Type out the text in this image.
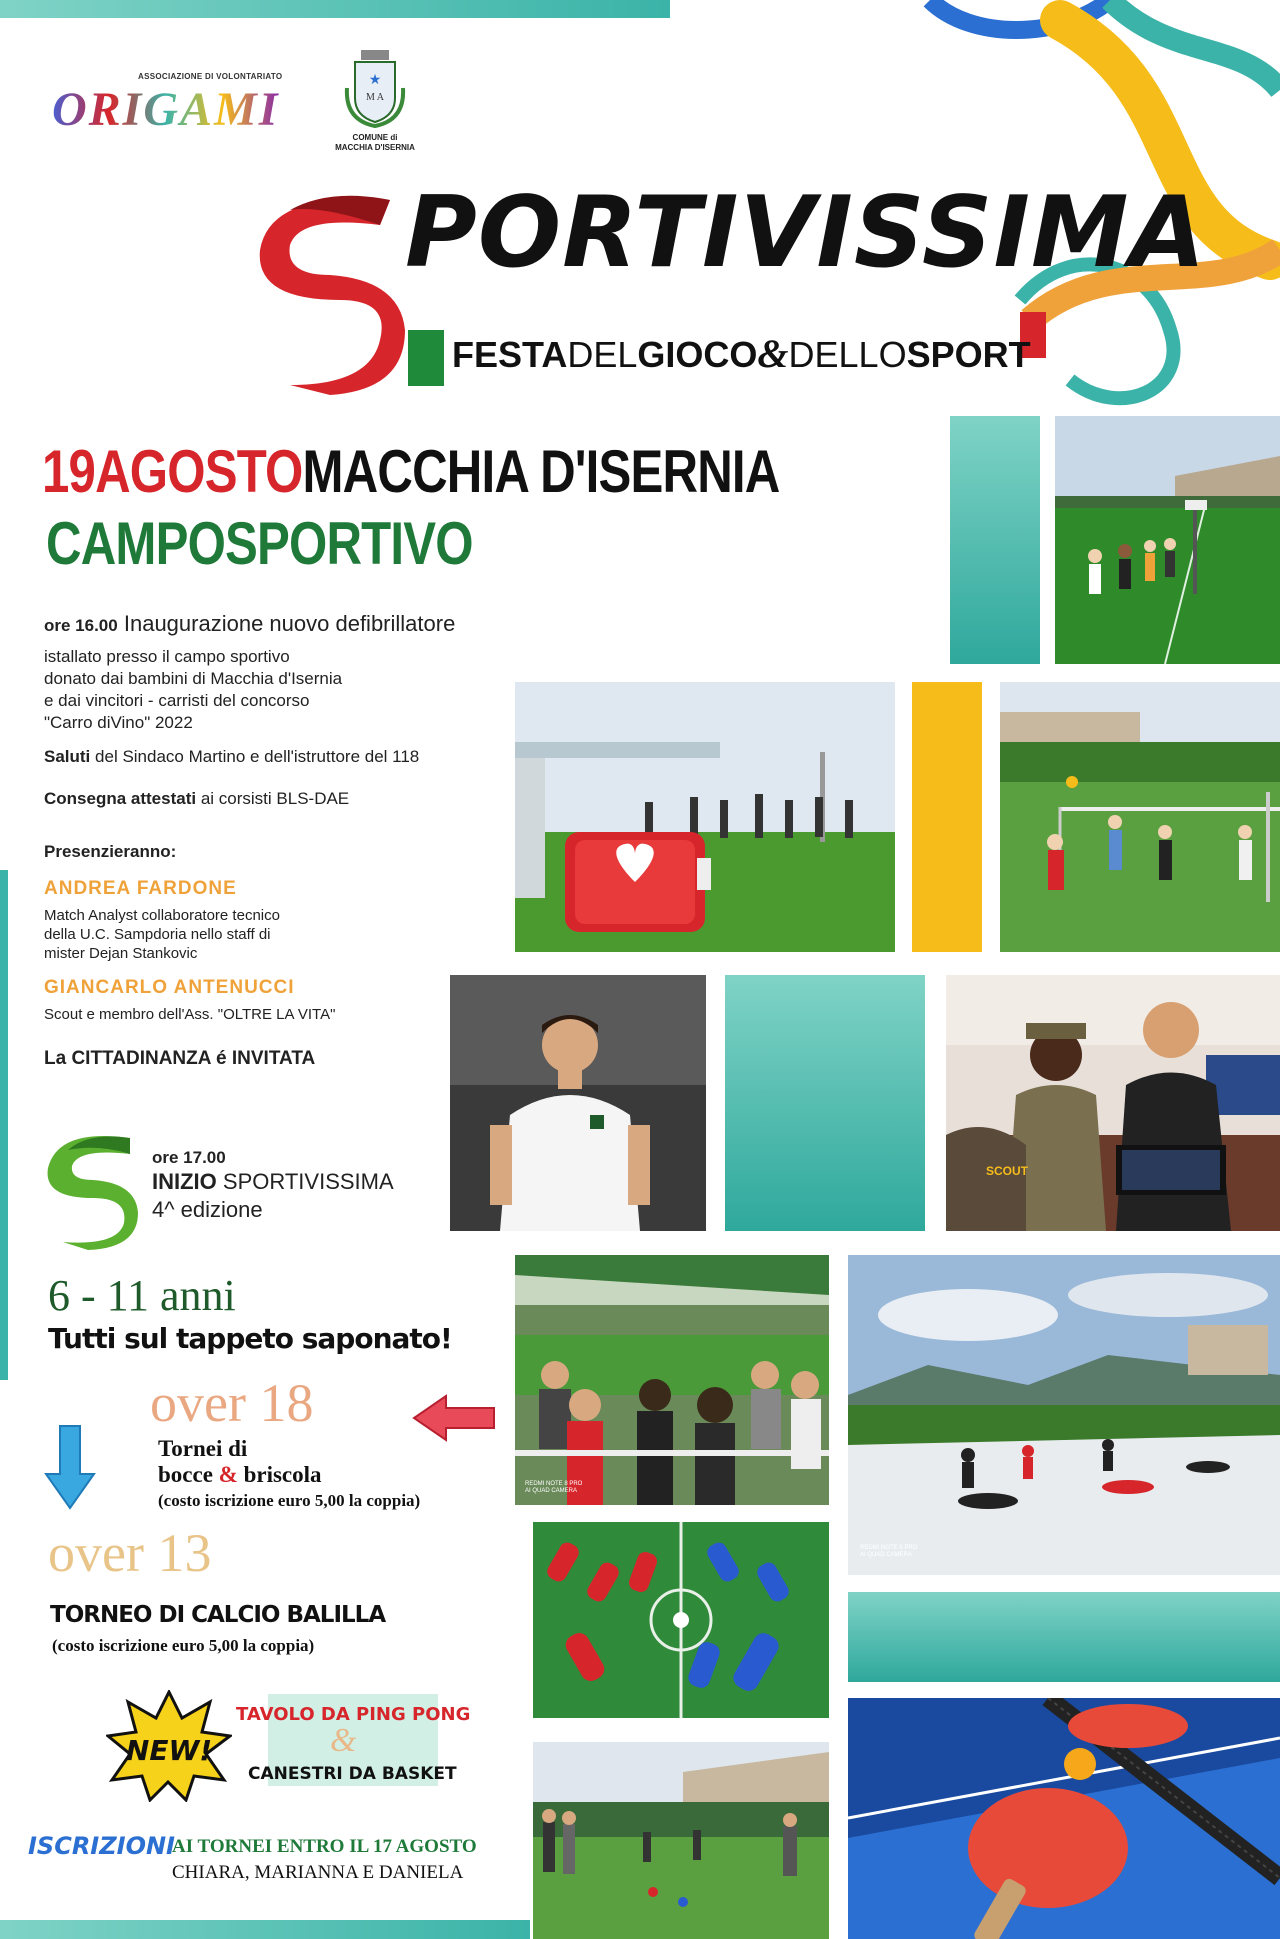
ASSOCIAZIONE DI VOLONTARIATO
ORIGAMI	M A
★
COMUNE di
MACCHIA D'ISERNIA
PORTIVISSIMA
FESTADELGIOCO&DELLOSPORT
19AGOSTOMACCHIA D'ISERNIA
CAMPOSPORTIVO
ore 16.00 Inaugurazione nuovo defibrillatore
istallato presso il campo sportivo
donato dai bambini di Macchia d'Isernia
e dai vincitori - carristi del concorso
"Carro diVino" 2022
Saluti del Sindaco Martino e dell'istruttore del 118
Consegna attestati ai corsisti BLS-DAE
Presenzieranno:
ANDREA FARDONE
Match Analyst collaboratore tecnico
della U.C. Sampdoria nello staff di
mister Dejan Stankovic
GIANCARLO ANTENUCCI
Scout e membro dell'Ass. "OLTRE LA VITA"
La CITTADINANZA é INVITATA
ore 17.00
INIZIO SPORTIVISSIMA
4^ edizione
6 - 11 anni
Tutti sul tappeto saponato!
over 18
Tornei di
bocce & briscola
(costo iscrizione euro 5,00 la coppia)
over 13
TORNEO DI CALCIO BALILLA
(costo iscrizione euro 5,00 la coppia)
NEW!
TAVOLO DA PING PONG
&
CANESTRI DA BASKET
ISCRIZIONI
AI TORNEI ENTRO IL 17 AGOSTO
CHIARA, MARIANNA E DANIELA
SCOUT
REDMI NOTE 8 PRO
AI QUAD CAMERA
REDMI NOTE 8 PRO
AI QUAD CAMERA
